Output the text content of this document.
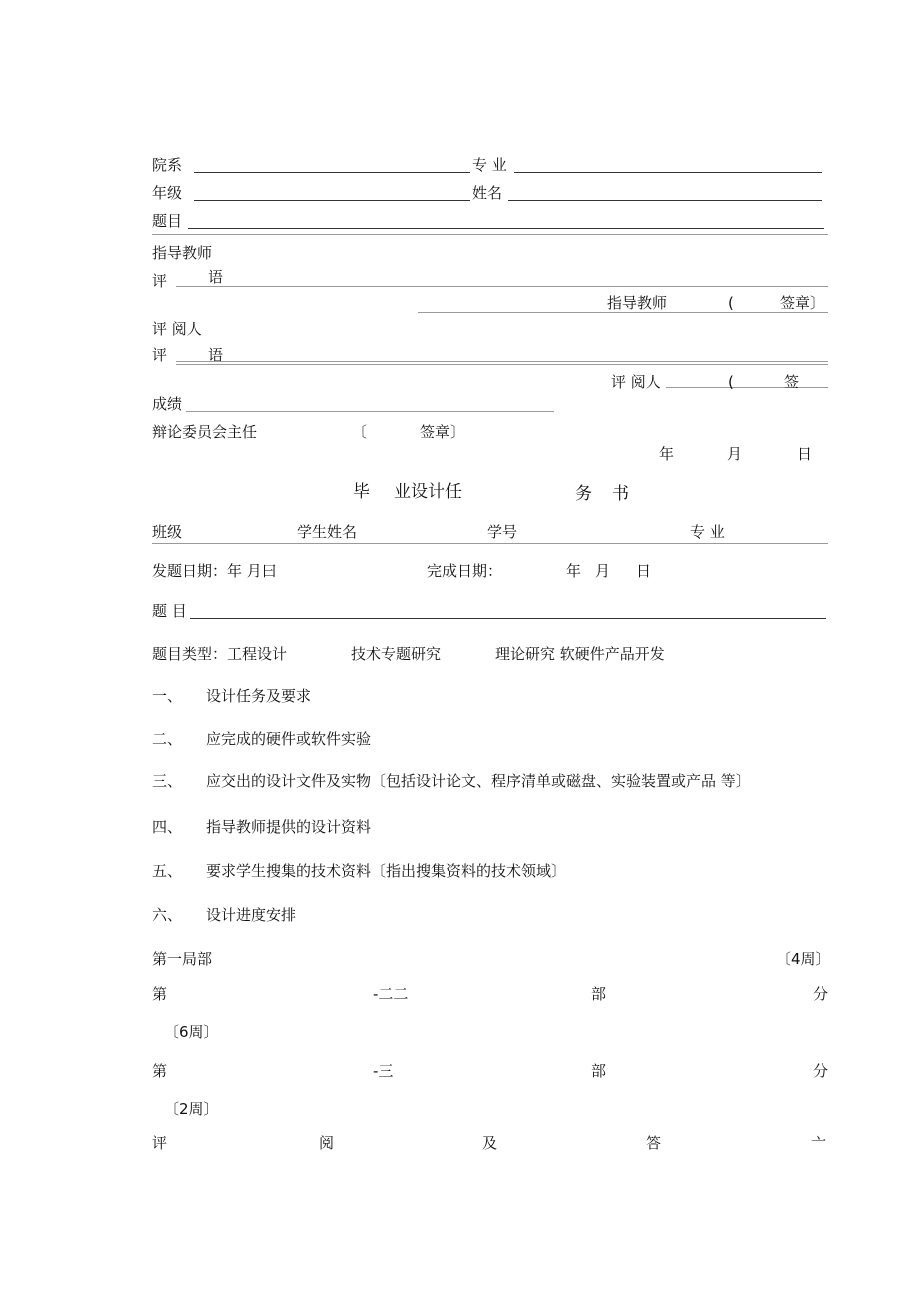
院系	专 业
年级	姓名
题目
指导教师
评	语
指导教师	(	签章〕
评 阅人
评	语
评 阅人	(	签
成绩
辩论委员会主任	〔	签章〕
年	月	日
毕 业设计任	务 书
班级	学生姓名	学号	专 业
发题日期：年 月曰	完成日期：	年 月 日
题 目
题目类型：工程设计	技术专题研究	理论研究 软硬件产品开发
一、 设计任务及要求
二、 应完成的硬件或软件实验
三、 应交出的设计文件及实物〔包括设计论文、程序清单或磁盘、实验装置或产品 等〕
四、 指导教师提供的设计资料
五、 要求学生搜集的技术资料〔指出搜集资料的技术领域〕
六、 设计进度安排
第一局部	〔4周〕
第	-二二	部	分
〔6周〕
第	-三	部	分
〔2周〕
评	阅	及	答	亠
